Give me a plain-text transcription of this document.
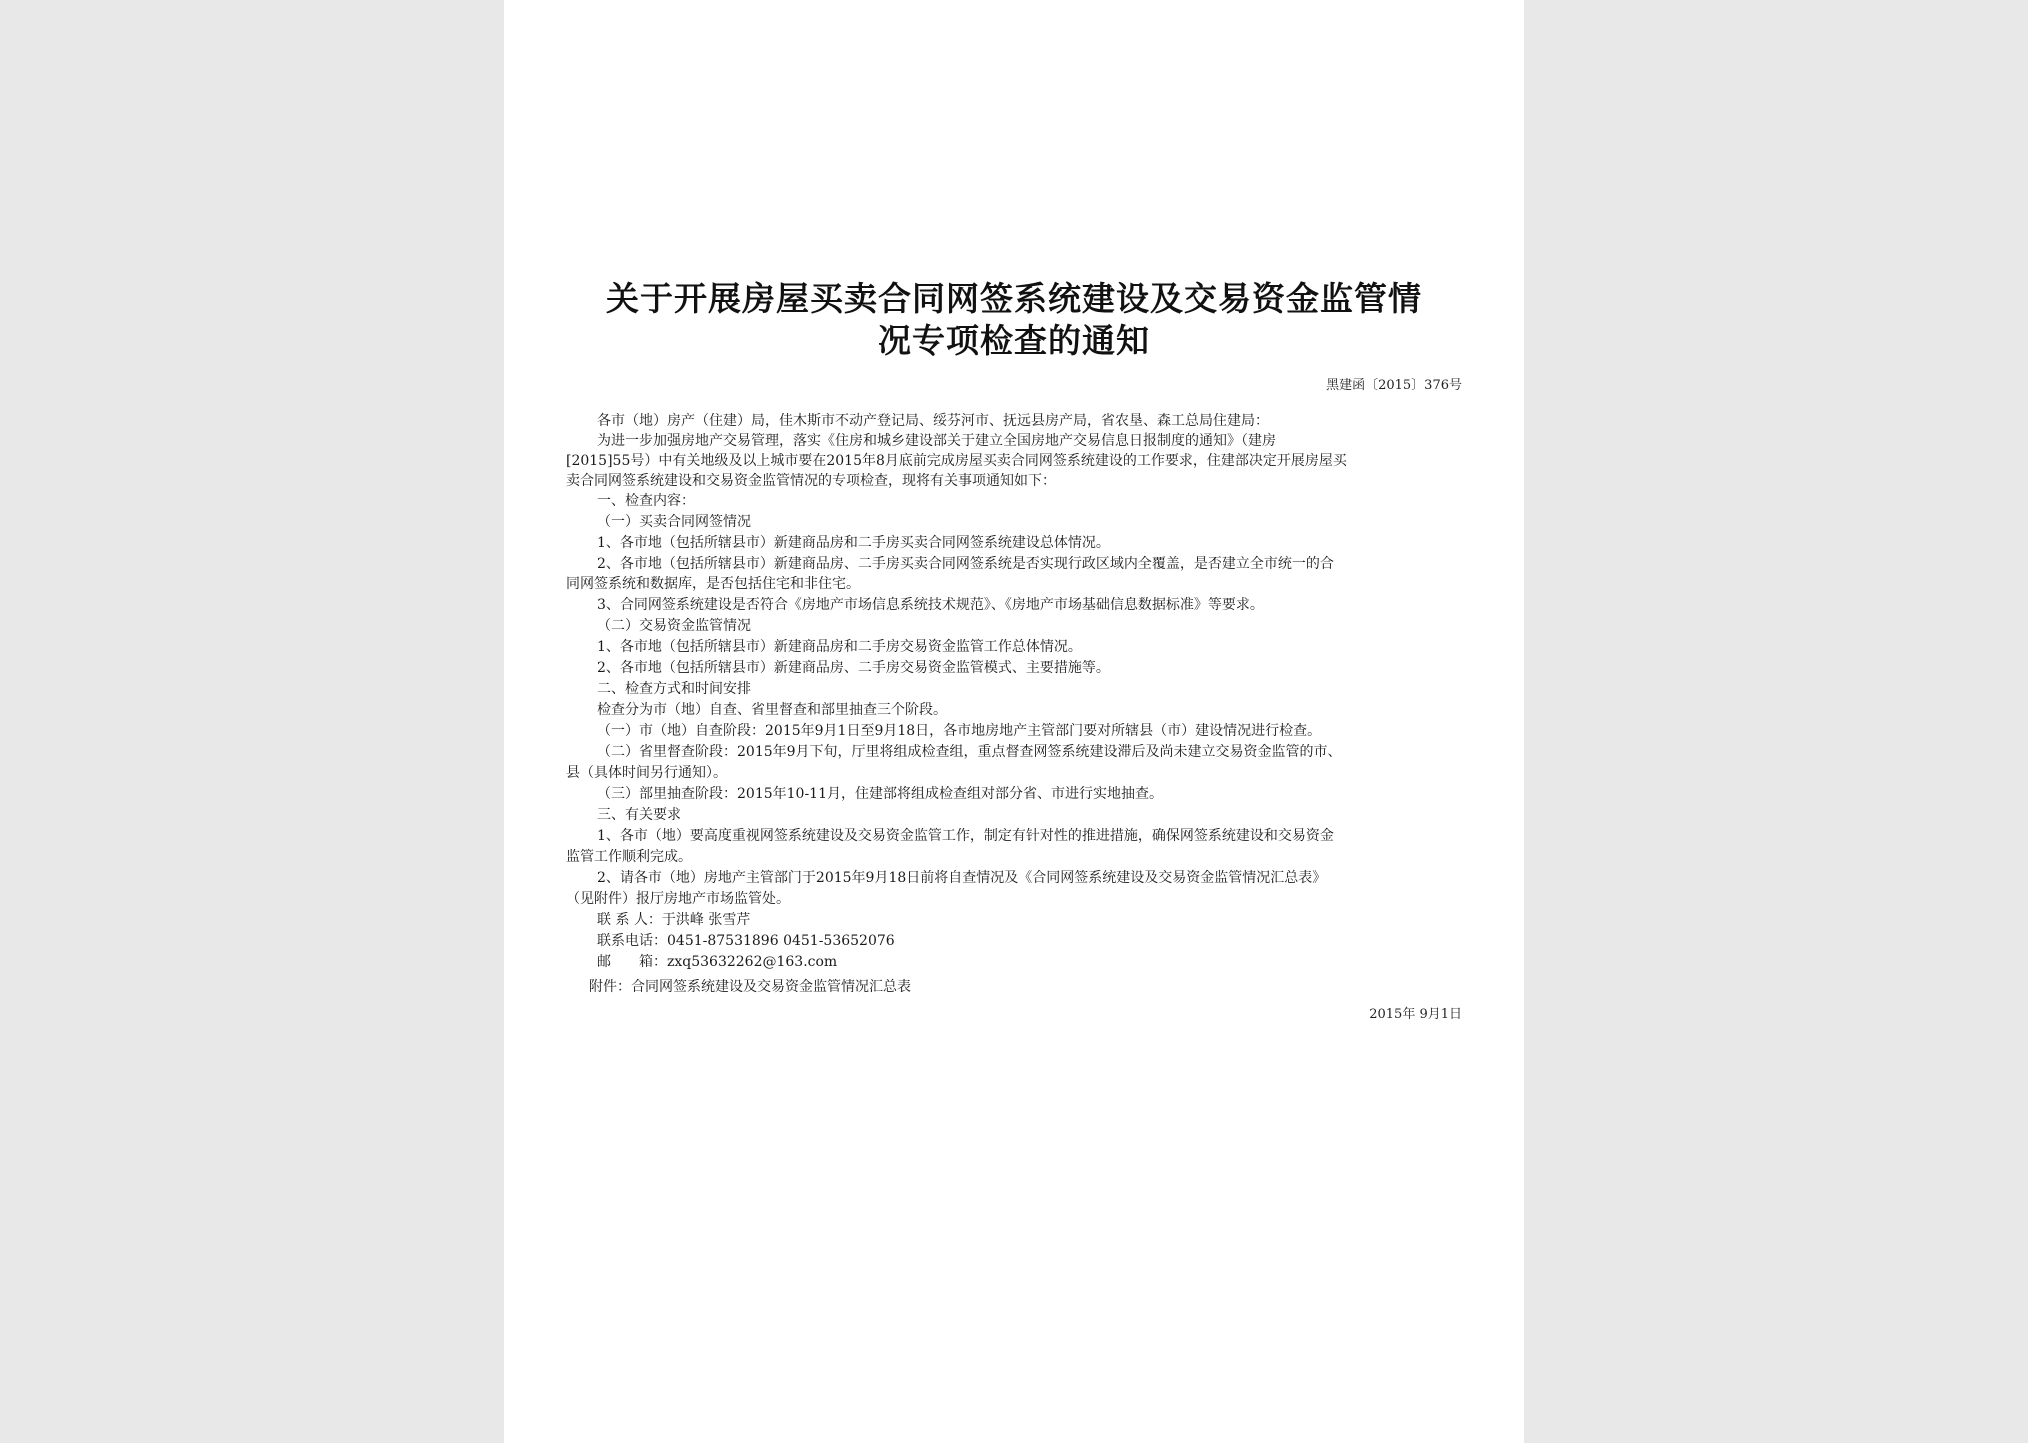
关于开展房屋买卖合同网签系统建设及交易资金监管情
况专项检查的通知
黑建函〔2015〕376号
各市（地）房产（住建）局，佳木斯市不动产登记局、绥芬河市、抚远县房产局，省农垦、森工总局住建局：
为进一步加强房地产交易管理，落实《住房和城乡建设部关于建立全国房地产交易信息日报制度的通知》（建房
[2015]55号）中有关地级及以上城市要在2015年8月底前完成房屋买卖合同网签系统建设的工作要求，住建部决定开展房屋买
卖合同网签系统建设和交易资金监管情况的专项检查，现将有关事项通知如下：
一、检查内容：
（一）买卖合同网签情况
1、各市地（包括所辖县市）新建商品房和二手房买卖合同网签系统建设总体情况。
2、各市地（包括所辖县市）新建商品房、二手房买卖合同网签系统是否实现行政区域内全覆盖，是否建立全市统一的合
同网签系统和数据库，是否包括住宅和非住宅。
3、合同网签系统建设是否符合《房地产市场信息系统技术规范》、《房地产市场基础信息数据标准》等要求。
（二）交易资金监管情况
1、各市地（包括所辖县市）新建商品房和二手房交易资金监管工作总体情况。
2、各市地（包括所辖县市）新建商品房、二手房交易资金监管模式、主要措施等。
二、检查方式和时间安排
检查分为市（地）自查、省里督查和部里抽查三个阶段。
（一）市（地）自查阶段：2015年9月1日至9月18日，各市地房地产主管部门要对所辖县（市）建设情况进行检查。
（二）省里督查阶段：2015年9月下旬，厅里将组成检查组，重点督查网签系统建设滞后及尚未建立交易资金监管的市、
县（具体时间另行通知）。
（三）部里抽查阶段：2015年10-11月，住建部将组成检查组对部分省、市进行实地抽查。
三、有关要求
1、各市（地）要高度重视网签系统建设及交易资金监管工作，制定有针对性的推进措施，确保网签系统建设和交易资金
监管工作顺利完成。
2、请各市（地）房地产主管部门于2015年9月18日前将自查情况及《合同网签系统建设及交易资金监管情况汇总表》
（见附件）报厅房地产市场监管处。
联 系 人：于洪峰 张雪芹
联系电话：0451-87531896 0451-53652076
邮　　箱：zxq53632262@163.com
附件：合同网签系统建设及交易资金监管情况汇总表
2015年 9月1日
